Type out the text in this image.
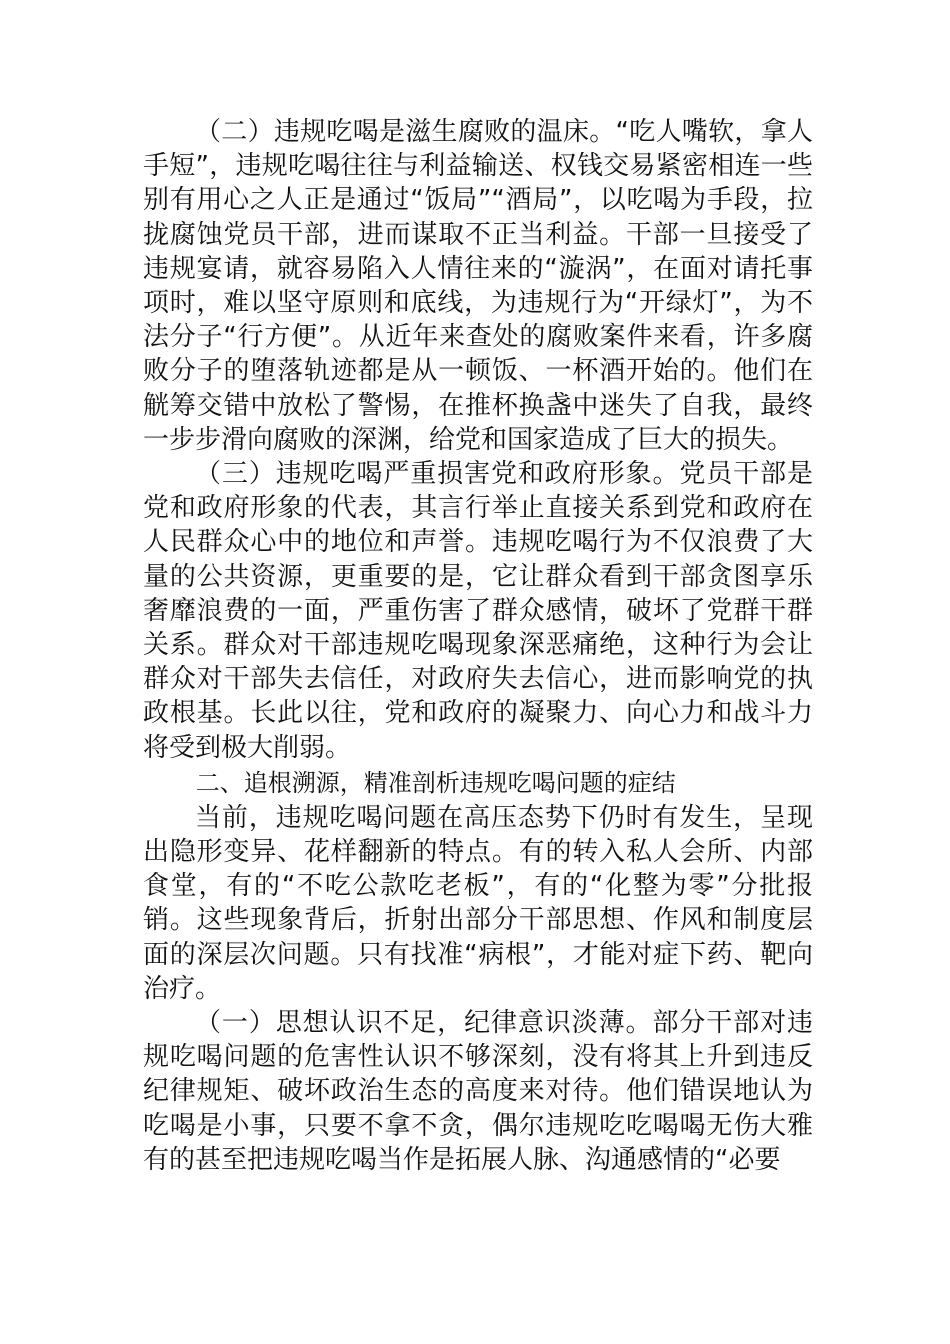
（二）违规吃喝是滋生腐败的温床。“吃人嘴软，拿人手短”，违规吃喝往往与利益输送、权钱交易紧密相连一些别有用心之人正是通过“饭局”“酒局”，以吃喝为手段，拉拢腐蚀党员干部，进而谋取不正当利益。干部一旦接受了违规宴请，就容易陷入人情往来的“漩涡”，在面对请托事项时，难以坚守原则和底线，为违规行为“开绿灯”，为不法分子“行方便”。从近年来查处的腐败案件来看，许多腐败分子的堕落轨迹都是从一顿饭、一杯酒开始的。他们在觥筹交错中放松了警惕，在推杯换盏中迷失了自我，最终一步步滑向腐败的深渊，给党和国家造成了巨大的损失。

（三）违规吃喝严重损害党和政府形象。党员干部是党和政府形象的代表，其言行举止直接关系到党和政府在人民群众心中的地位和声誉。违规吃喝行为不仅浪费了大量的公共资源，更重要的是，它让群众看到干部贪图享乐奢靡浪费的一面，严重伤害了群众感情，破坏了党群干群关系。群众对干部违规吃喝现象深恶痛绝，这种行为会让群众对干部失去信任，对政府失去信心，进而影响党的执政根基。长此以往，党和政府的凝聚力、向心力和战斗力将受到极大削弱。

二、追根溯源，精准剖析违规吃喝问题的症结

当前，违规吃喝问题在高压态势下仍时有发生，呈现出隐形变异、花样翻新的特点。有的转入私人会所、内部食堂，有的“不吃公款吃老板”，有的“化整为零”分批报销。这些现象背后，折射出部分干部思想、作风和制度层面的深层次问题。只有找准“病根”，才能对症下药、靶向治疗。

（一）思想认识不足，纪律意识淡薄。部分干部对违规吃喝问题的危害性认识不够深刻，没有将其上升到违反纪律规矩、破坏政治生态的高度来对待。他们错误地认为吃喝是小事，只要不拿不贪，偶尔违规吃吃喝喝无伤大雅有的甚至把违规吃喝当作是拓展人脉、沟通感情的“必要
